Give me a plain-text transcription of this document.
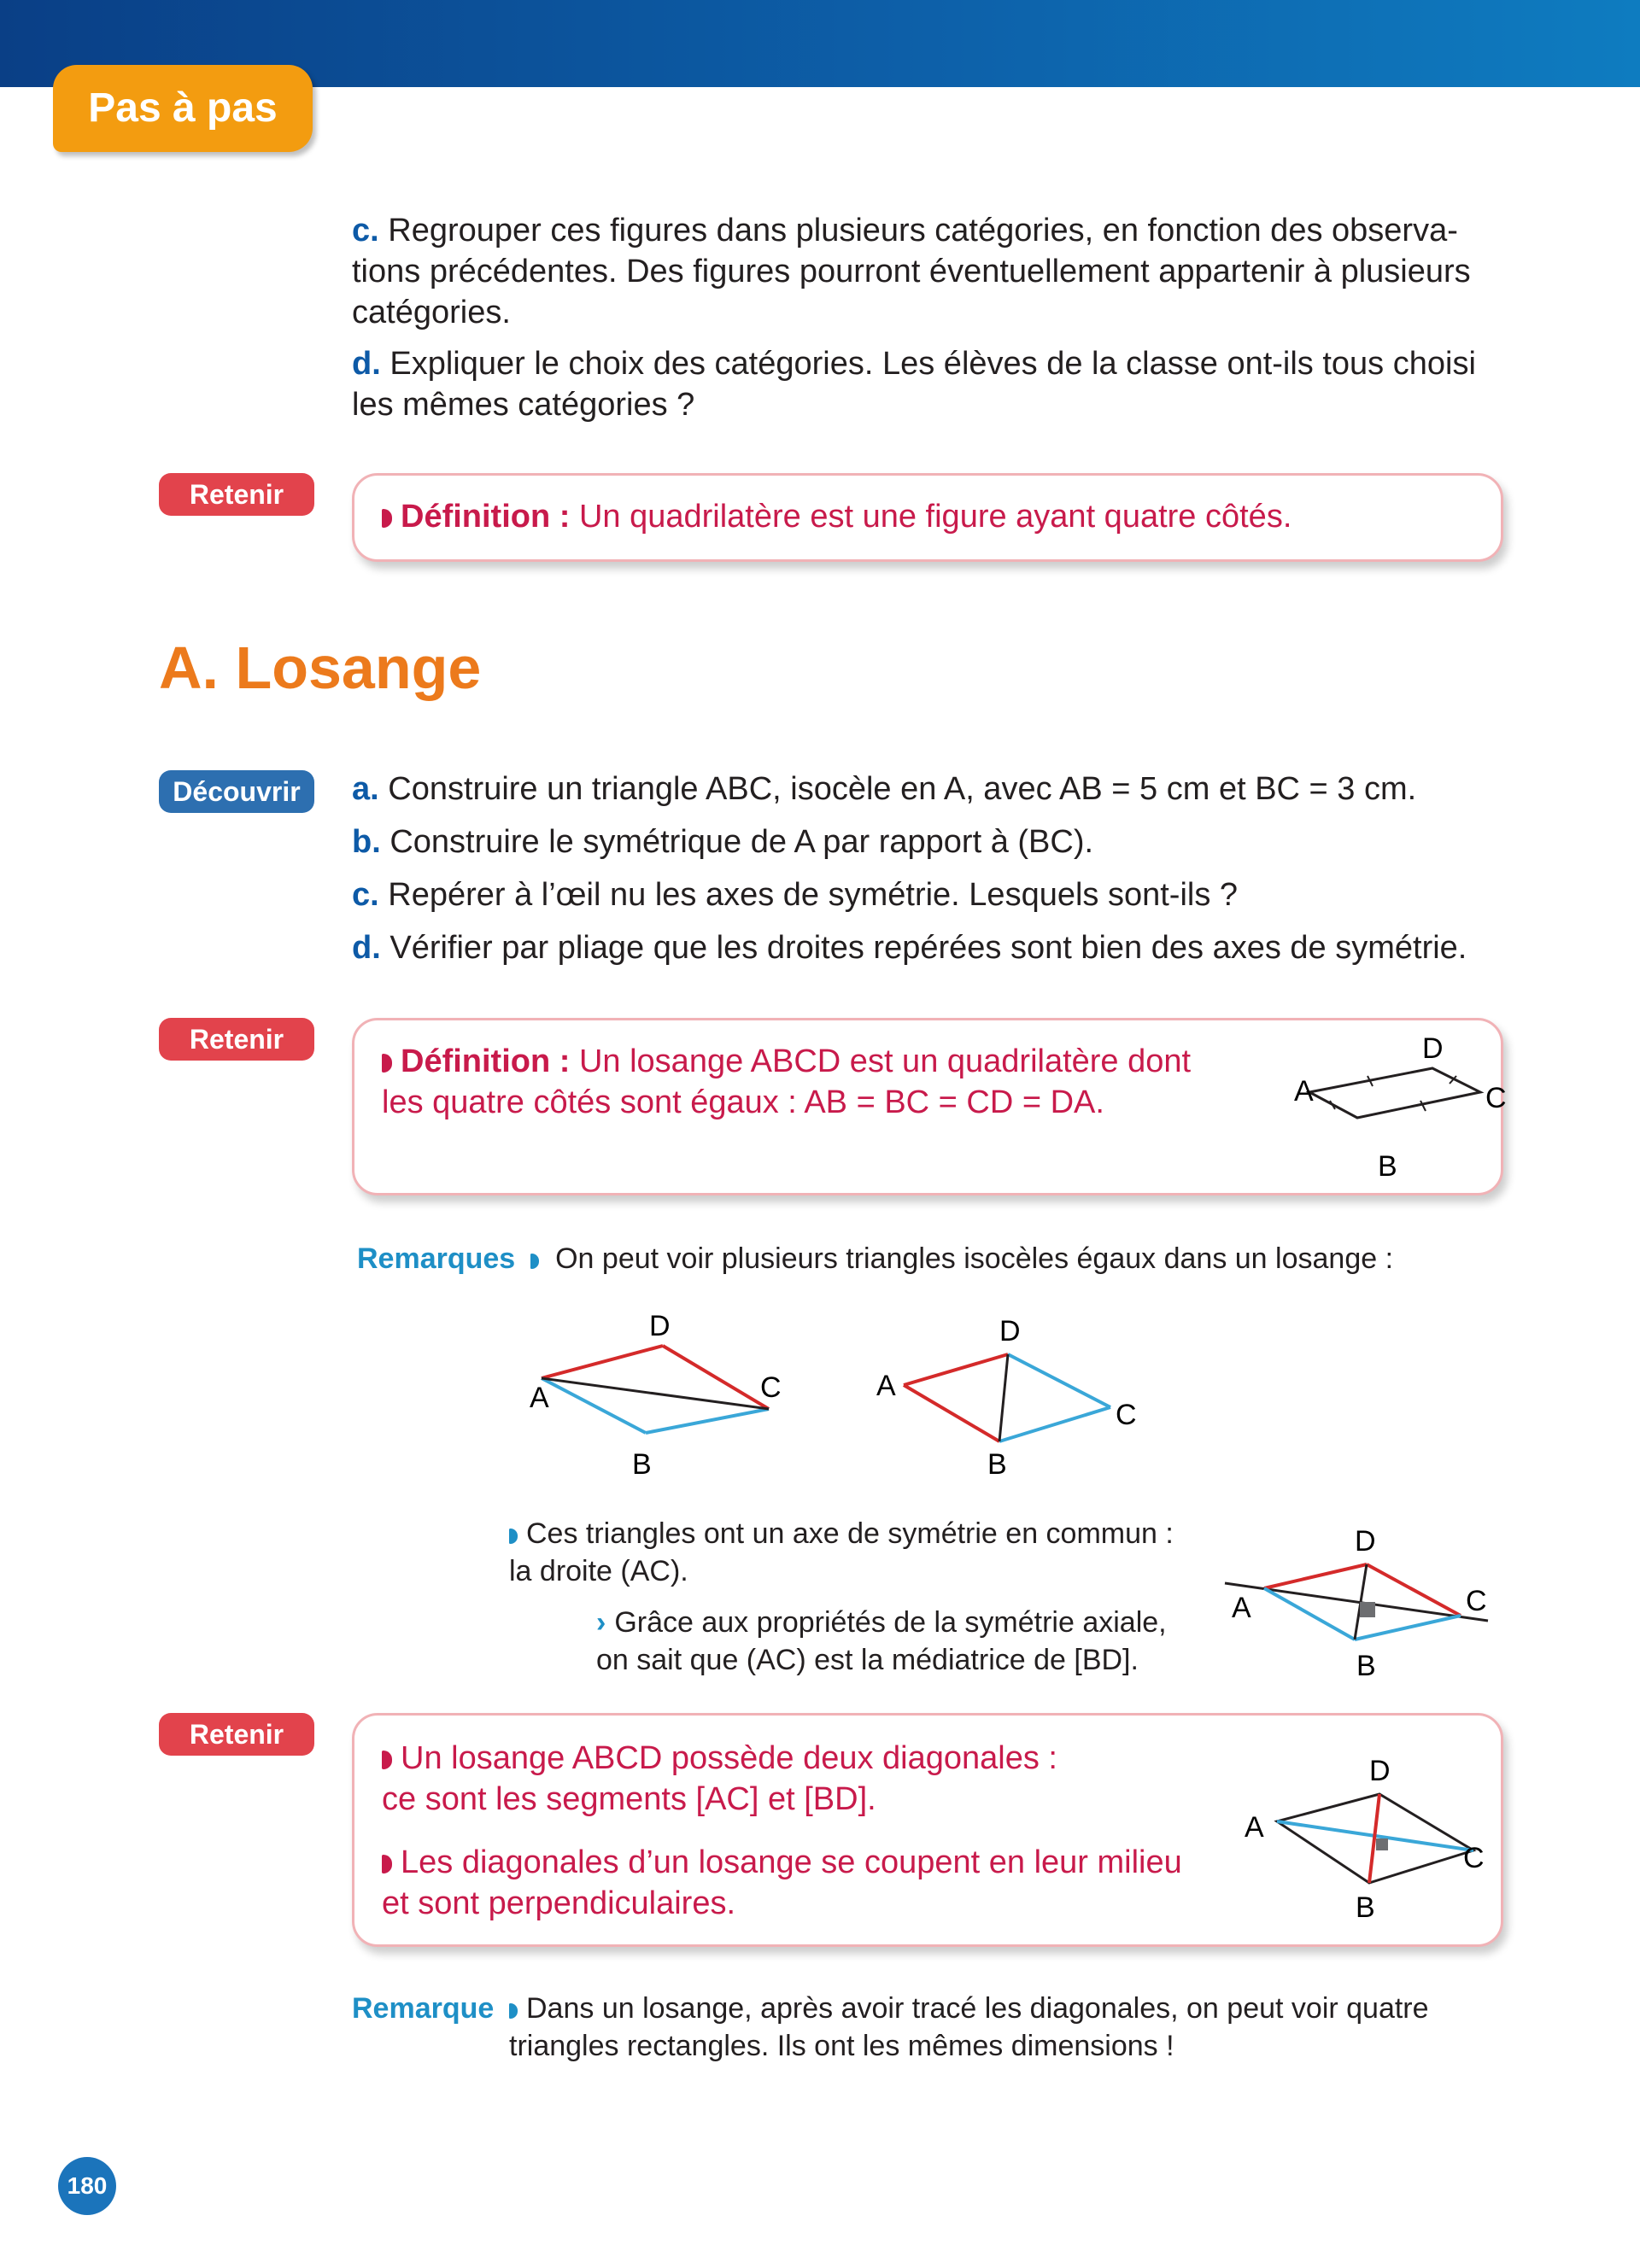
Pas à pas
c. Regrouper ces figures dans plusieurs catégories, en fonction des observa-
tions précédentes. Des figures pourront éventuellement appartenir à plusieurs
catégories.
d. Expliquer le choix des catégories. Les élèves de la classe ont-ils tous choisi
les mêmes catégories ?
Retenir
Définition : Un quadrilatère est une figure ayant quatre côtés.
A. Losange
Découvrir	a. Construire un triangle ABC, isocèle en A, avec AB = 5 cm et BC = 3 cm.
b. Construire le symétrique de A par rapport à (BC).
c. Repérer à l’œil nu les axes de symétrie. Lesquels sont-ils ?
d. Vérifier par pliage que les droites repérées sont bien des axes de symétrie.
Retenir
Définition : Un losange ABCD est un quadrilatère dont
les quatre côtés sont égaux : AB = BC = CD = DA.	A
B
C
D
Remarques On peut voir plusieurs triangles isocèles égaux dans un losange :
A
B
C
D
A
B
C
D
Ces triangles ont un axe de symétrie en commun :
la droite (AC).
› Grâce aux propriétés de la symétrie axiale,
on sait que (AC) est la médiatrice de [BD].
A
B
C
D
Retenir
Un losange ABCD possède deux diagonales :
ce sont les segments [AC] et [BD].
Les diagonales d’un losange se coupent en leur milieu
et sont perpendiculaires.
A
B
C
D
Remarque	Dans un losange, après avoir tracé les diagonales, on peut voir quatre
triangles rectangles. Ils ont les mêmes dimensions !
180
